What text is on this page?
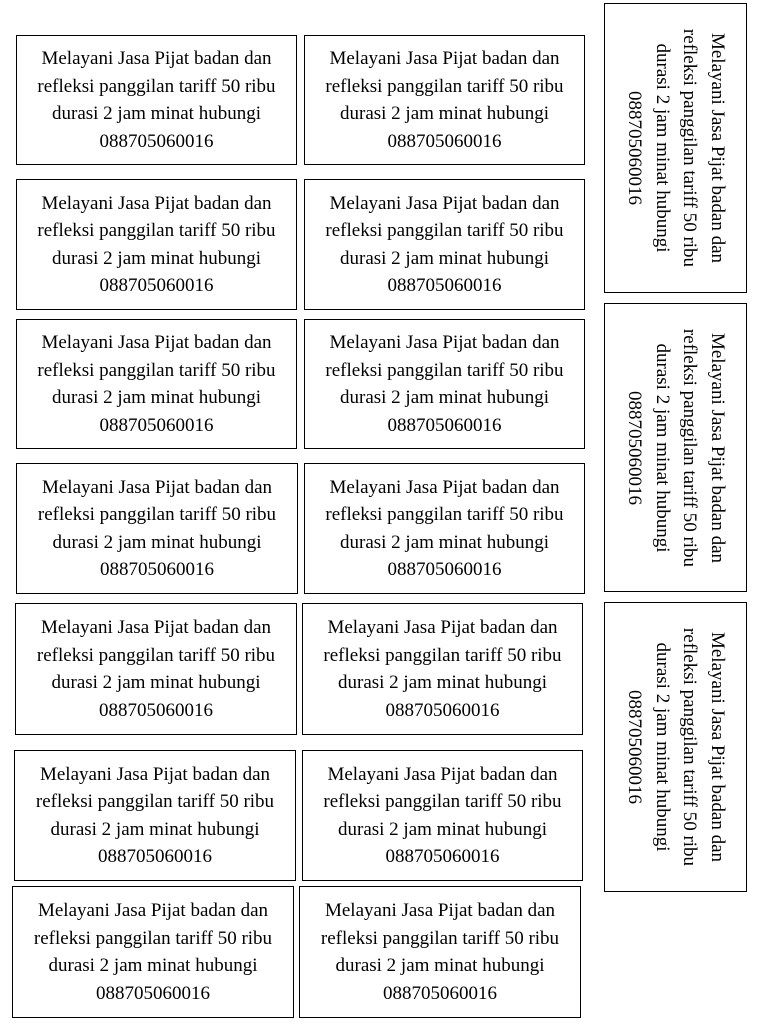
Melayani Jasa Pijat badan dan
refleksi panggilan tariff 50 ribu
durasi 2 jam minat hubungi
088705060016
Melayani Jasa Pijat badan dan
refleksi panggilan tariff 50 ribu
durasi 2 jam minat hubungi
088705060016
Melayani Jasa Pijat badan dan
refleksi panggilan tariff 50 ribu
durasi 2 jam minat hubungi
088705060016
Melayani Jasa Pijat badan dan
refleksi panggilan tariff 50 ribu
durasi 2 jam minat hubungi
088705060016
Melayani Jasa Pijat badan dan
refleksi panggilan tariff 50 ribu
durasi 2 jam minat hubungi
088705060016
Melayani Jasa Pijat badan dan
refleksi panggilan tariff 50 ribu
durasi 2 jam minat hubungi
088705060016
Melayani Jasa Pijat badan dan
refleksi panggilan tariff 50 ribu
durasi 2 jam minat hubungi
088705060016
Melayani Jasa Pijat badan dan
refleksi panggilan tariff 50 ribu
durasi 2 jam minat hubungi
088705060016
Melayani Jasa Pijat badan dan
refleksi panggilan tariff 50 ribu
durasi 2 jam minat hubungi
088705060016
Melayani Jasa Pijat badan dan
refleksi panggilan tariff 50 ribu
durasi 2 jam minat hubungi
088705060016
Melayani Jasa Pijat badan dan
refleksi panggilan tariff 50 ribu
durasi 2 jam minat hubungi
088705060016
Melayani Jasa Pijat badan dan
refleksi panggilan tariff 50 ribu
durasi 2 jam minat hubungi
088705060016
Melayani Jasa Pijat badan dan
refleksi panggilan tariff 50 ribu
durasi 2 jam minat hubungi
088705060016
Melayani Jasa Pijat badan dan
refleksi panggilan tariff 50 ribu
durasi 2 jam minat hubungi
088705060016
Melayani Jasa Pijat badan dan
refleksi panggilan tariff 50 ribu
durasi 2 jam minat hubungi
088705060016
Melayani Jasa Pijat badan dan
refleksi panggilan tariff 50 ribu
durasi 2 jam minat hubungi
088705060016
Melayani Jasa Pijat badan dan
refleksi panggilan tariff 50 ribu
durasi 2 jam minat hubungi
088705060016
